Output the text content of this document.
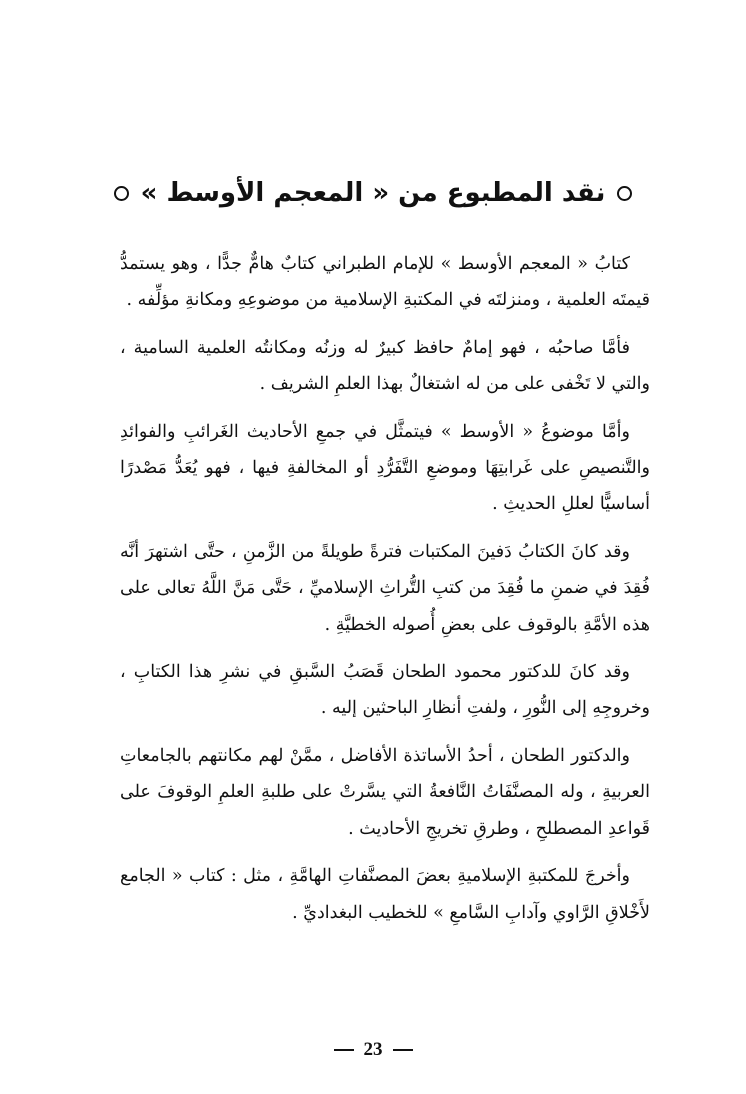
نقد المطبوع من « المعجم الأوسط »

كتابُ « المعجم الأوسط » للإمام الطبراني كتابٌ هامٌّ جدًّا ، وهو يستمدُّ قيمتَه العلمية ، ومنزلتَه في المكتبةِ الإسلامية من موضوعِهِ ومكانةِ مؤلِّفه .

فأمَّا صاحبُه ، فهو إمامٌ حافظ كبيرٌ له وزنُه ومكانتُه العلمية السامية ، والتي لا تَخْفى على من له اشتغالٌ بهذا العلمِ الشريف .

وأمَّا موضوعُ « الأوسط » فيتمثَّل في جمعِ الأحاديث الغَرائبِ والفوائدِ والتَّنصيصِ على غَرابتِهَا وموضعِ التَّفَرُّدِ أو المخالفةِ فيها ، فهو يُعَدُّ مَصْدرًا أساسيًّا لعللِ الحديثِ .

وقد كانَ الكتابُ دَفينَ المكتبات فترةً طويلةً من الزَّمنِ ، حتَّى اشتهرَ أنَّه فُقِدَ في ضمنِ ما فُقِدَ من كتبِ التُّراثِ الإسلاميِّ ، حَتَّى مَنَّ اللَّهُ تعالى على هذه الأمَّةِ بالوقوف على بعضِ أُصوله الخطيَّةِ .

وقد كانَ للدكتور محمود الطحان قَصَبُ السَّبقِ في نشرِ هذا الكتابِ ، وخروجِهِ إلى النُّورِ ، ولفتِ أنظارِ الباحثين إليه .

والدكتور الطحان ، أحدُ الأساتذة الأفاضل ، ممَّنْ لهم مكانتهم بالجامعاتِ العربيةِ ، وله المصنَّفَاتُ النَّافعةُ التي يسَّرتْ على طلبةِ العلمِ الوقوفَ على قَواعدِ المصطلحِ ، وطرقِ تخريجِ الأحاديث .

وأخرجَ للمكتبةِ الإسلاميةِ بعضَ المصنَّفاتِ الهامَّةِ ، مثل : كتاب « الجامع لأَخْلاقِ الرَّاوي وآدابِ السَّامعِ » للخطيب البغداديِّ .

23
